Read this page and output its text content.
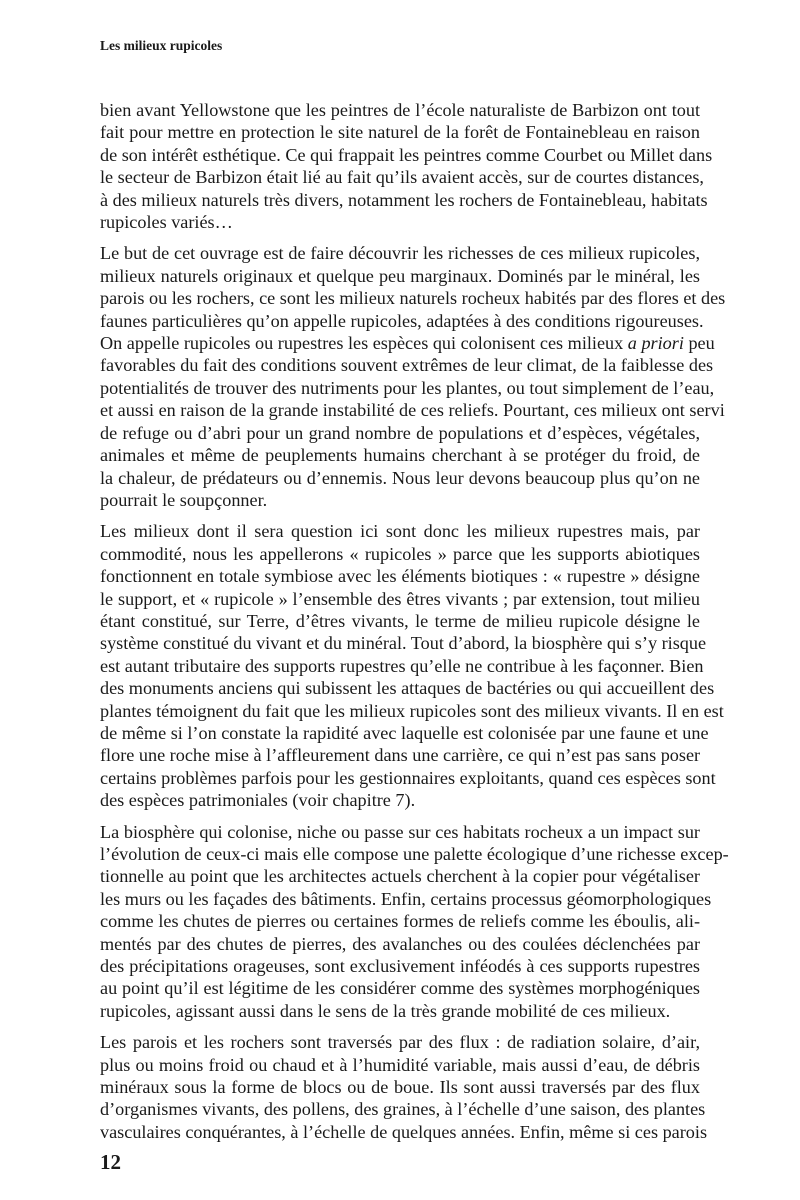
Les milieux rupicoles
bien avant Yellowstone que les peintres de l’école naturaliste de Barbizon ont tout
fait pour mettre en protection le site naturel de la forêt de Fontainebleau en raison
de son intérêt esthétique. Ce qui frappait les peintres comme Courbet ou Millet dans
le secteur de Barbizon était lié au fait qu’ils avaient accès, sur de courtes distances,
à des milieux naturels très divers, notamment les rochers de Fontainebleau, habitats
rupicoles variés…
Le but de cet ouvrage est de faire découvrir les richesses de ces milieux rupicoles,
milieux naturels originaux et quelque peu marginaux. Dominés par le minéral, les
parois ou les rochers, ce sont les milieux naturels rocheux habités par des flores et des
faunes particulières qu’on appelle rupicoles, adaptées à des conditions rigoureuses.
On appelle rupicoles ou rupestres les espèces qui colonisent ces milieux a priori peu
favorables du fait des conditions souvent extrêmes de leur climat, de la faiblesse des
potentialités de trouver des nutriments pour les plantes, ou tout simplement de l’eau,
et aussi en raison de la grande instabilité de ces reliefs. Pourtant, ces milieux ont servi
de refuge ou d’abri pour un grand nombre de populations et d’espèces, végétales,
animales et même de peuplements humains cherchant à se protéger du froid, de
la chaleur, de prédateurs ou d’ennemis. Nous leur devons beaucoup plus qu’on ne
pourrait le soupçonner.
Les milieux dont il sera question ici sont donc les milieux rupestres mais, par
commodité, nous les appellerons « rupicoles » parce que les supports abiotiques
fonctionnent en totale symbiose avec les éléments biotiques : « rupestre » désigne
le support, et « rupicole » l’ensemble des êtres vivants ; par extension, tout milieu
étant constitué, sur Terre, d’êtres vivants, le terme de milieu rupicole désigne le
système constitué du vivant et du minéral. Tout d’abord, la biosphère qui s’y risque
est autant tributaire des supports rupestres qu’elle ne contribue à les façonner. Bien
des monuments anciens qui subissent les attaques de bactéries ou qui accueillent des
plantes témoignent du fait que les milieux rupicoles sont des milieux vivants. Il en est
de même si l’on constate la rapidité avec laquelle est colonisée par une faune et une
flore une roche mise à l’affleurement dans une carrière, ce qui n’est pas sans poser
certains problèmes parfois pour les gestionnaires exploitants, quand ces espèces sont
des espèces patrimoniales (voir chapitre 7).
La biosphère qui colonise, niche ou passe sur ces habitats rocheux a un impact sur
l’évolution de ceux-ci mais elle compose une palette écologique d’une richesse excep-
tionnelle au point que les architectes actuels cherchent à la copier pour végétaliser
les murs ou les façades des bâtiments. Enfin, certains processus géomorphologiques
comme les chutes de pierres ou certaines formes de reliefs comme les éboulis, ali-
mentés par des chutes de pierres, des avalanches ou des coulées déclenchées par
des précipitations orageuses, sont exclusivement inféodés à ces supports rupestres
au point qu’il est légitime de les considérer comme des systèmes morphogéniques
rupicoles, agissant aussi dans le sens de la très grande mobilité de ces milieux.
Les parois et les rochers sont traversés par des flux : de radiation solaire, d’air,
plus ou moins froid ou chaud et à l’humidité variable, mais aussi d’eau, de débris
minéraux sous la forme de blocs ou de boue. Ils sont aussi traversés par des flux
d’organismes vivants, des pollens, des graines, à l’échelle d’une saison, des plantes
vasculaires conquérantes, à l’échelle de quelques années. Enfin, même si ces parois
12
